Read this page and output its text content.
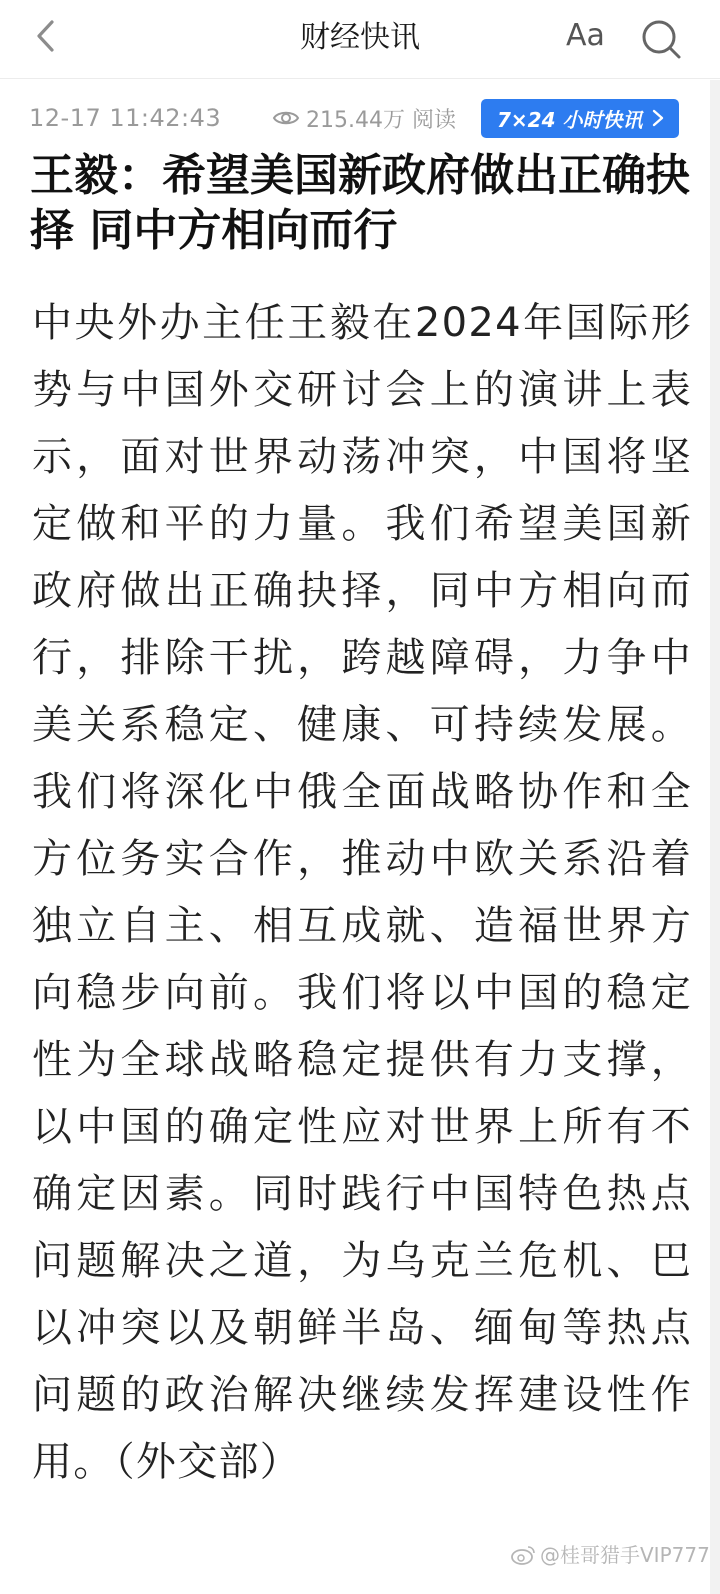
财经快讯	Aa
12-17 11:42:43	215.44万 阅读 7×24 小时快讯
王毅：希望美国新政府做出正确抉择 同中方相向而行

中央外办主任王毅在2024年国际形势与中国外交研讨会上的演讲上表示，面对世界动荡冲突，中国将坚定做和平的力量。我们希望美国新政府做出正确抉择，同中方相向而行，排除干扰，跨越障碍，力争中美关系稳定、健康、可持续发展。我们将深化中俄全面战略协作和全方位务实合作，推动中欧关系沿着独立自主、相互成就、造福世界方向稳步向前。我们将以中国的稳定性为全球战略稳定提供有力支撑，以中国的确定性应对世界上所有不确定因素。同时践行中国特色热点问题解决之道，为乌克兰危机、巴以冲突以及朝鲜半岛、缅甸等热点问题的政治解决继续发挥建设性作用。（外交部）

@桂哥猎手VIP777
